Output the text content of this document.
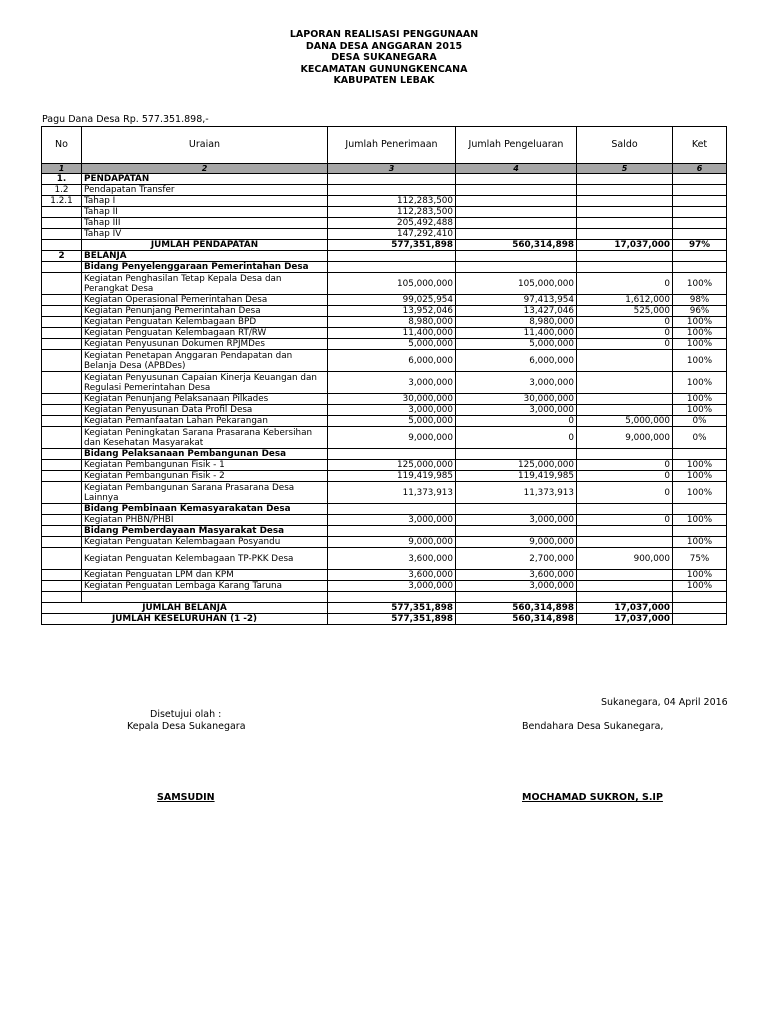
LAPORAN REALISASI PENGGUNAAN
DANA DESA ANGGARAN 2015
DESA SUKANEGARA
KECAMATAN GUNUNGKENCANA
KABUPATEN LEBAK
Pagu Dana Desa Rp. 577.351.898,-
No	Uraian	Jumlah Penerimaan	Jumlah Pengeluaran	Saldo	Ket
1	2	3	4	5	6
1.	PENDAPATAN				
1.2	Pendapatan Transfer				
1.2.1	Tahap I	112,283,500			
	Tahap II	112,283,500			
	Tahap III	205,492,488			
	Tahap IV	147,292,410			
	JUMLAH PENDAPATAN	577,351,898	560,314,898	17,037,000	97%
2	BELANJA				
	Bidang Penyelenggaraan Pemerintahan Desa				
	Kegiatan Penghasilan Tetap Kepala Desa dan Perangkat Desa	105,000,000	105,000,000	0	100%
	Kegiatan Operasional Pemerintahan Desa	99,025,954	97,413,954	1,612,000	98%
	Kegiatan Penunjang Pemerintahan Desa	13,952,046	13,427,046	525,000	96%
	Kegiatan Penguatan Kelembagaan BPD	8,980,000	8,980,000	0	100%
	Kegiatan Penguatan Kelembagaan RT/RW	11,400,000	11,400,000	0	100%
	Kegiatan Penyusunan Dokumen RPJMDes	5,000,000	5,000,000	0	100%
	Kegiatan Penetapan Anggaran Pendapatan dan Belanja Desa (APBDes)	6,000,000	6,000,000		100%
	Kegiatan Penyusunan Capaian Kinerja Keuangan dan Regulasi Pemerintahan Desa	3,000,000	3,000,000		100%
	Kegiatan Penunjang Pelaksanaan Pilkades	30,000,000	30,000,000		100%
	Kegiatan Penyusunan Data Profil Desa	3,000,000	3,000,000		100%
	Kegiatan Pemanfaatan Lahan Pekarangan	5,000,000	0	5,000,000	0%
	Kegiatan Peningkatan Sarana Prasarana Kebersihan dan Kesehatan Masyarakat	9,000,000	0	9,000,000	0%
	Bidang Pelaksanaan Pembangunan Desa				
	Kegiatan Pembangunan Fisik - 1	125,000,000	125,000,000	0	100%
	Kegiatan Pembangunan Fisik - 2	119,419,985	119,419,985	0	100%
	Kegiatan Pembangunan Sarana Prasarana Desa Lainnya	11,373,913	11,373,913	0	100%
	Bidang Pembinaan Kemasyarakatan Desa				
	Kegiatan PHBN/PHBI	3,000,000	3,000,000	0	100%
	Bidang Pemberdayaan Masyarakat Desa				
	Kegiatan Penguatan Kelembagaan Posyandu	9,000,000	9,000,000		100%
	Kegiatan Penguatan Kelembagaan TP-PKK Desa	3,600,000	2,700,000	900,000	75%
	Kegiatan Penguatan LPM dan KPM	3,600,000	3,600,000		100%
	Kegiatan Penguatan Lembaga Karang Taruna	3,000,000	3,000,000		100%

JUMLAH BELANJA		577,351,898	560,314,898	17,037,000	
JUMLAH KESELURUHAN (1 -2)		577,351,898	560,314,898	17,037,000	
Sukanegara, 04 April 2016
Disetujui olah :
Kepala Desa Sukanegara	Bendahara Desa Sukanegara,
SAMSUDIN	MOCHAMAD SUKRON, S.IP
